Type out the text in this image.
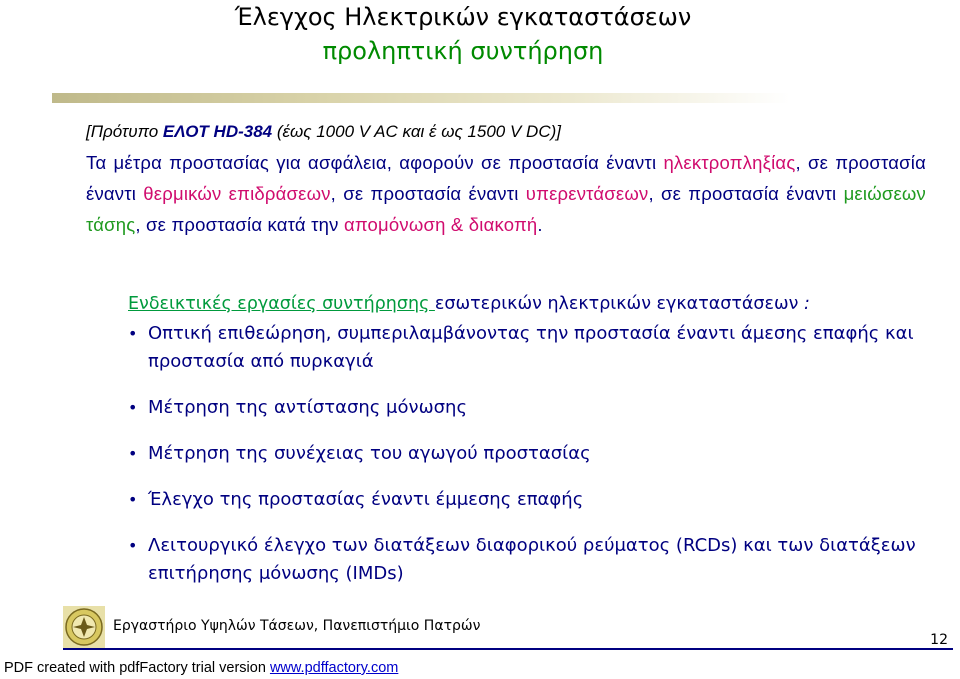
Έλεγχος Ηλεκτρικών εγκαταστάσεων
προληπτική συντήρηση
[Πρότυπο ΕΛΟΤ HD-384 (έως 1000 V AC και έ ως 1500 V DC)]
Τα μέτρα προστασίας για ασφάλεια, αφορούν σε προστασία έναντι ηλεκτροπληξίας, σε προστασία έναντι θερμικών επιδράσεων, σε προστασία έναντι υπερεντάσεων, σε προστασία έναντι μειώσεων τάσης, σε προστασία κατά την απομόνωση & διακοπή.
Ενδεικτικές εργασίες συντήρησης εσωτερικών ηλεκτρικών εγκαταστάσεων :
• Οπτική επιθεώρηση, συμπεριλαμβάνοντας την προστασία έναντι άμεσης επαφής και προστασία από πυρκαγιά
• Μέτρηση της αντίστασης μόνωσης
• Μέτρηση της συνέχειας του αγωγού προστασίας
• Έλεγχο της προστασίας έναντι έμμεσης επαφής
• Λειτουργικό έλεγχο των διατάξεων διαφορικού ρεύματος (RCDs) και των διατάξεων επιτήρησης μόνωσης (IMDs)
Εργαστήριο Υψηλών Τάσεων, Πανεπιστήμιο Πατρών
12
PDF created with pdfFactory trial version www.pdffactory.com
